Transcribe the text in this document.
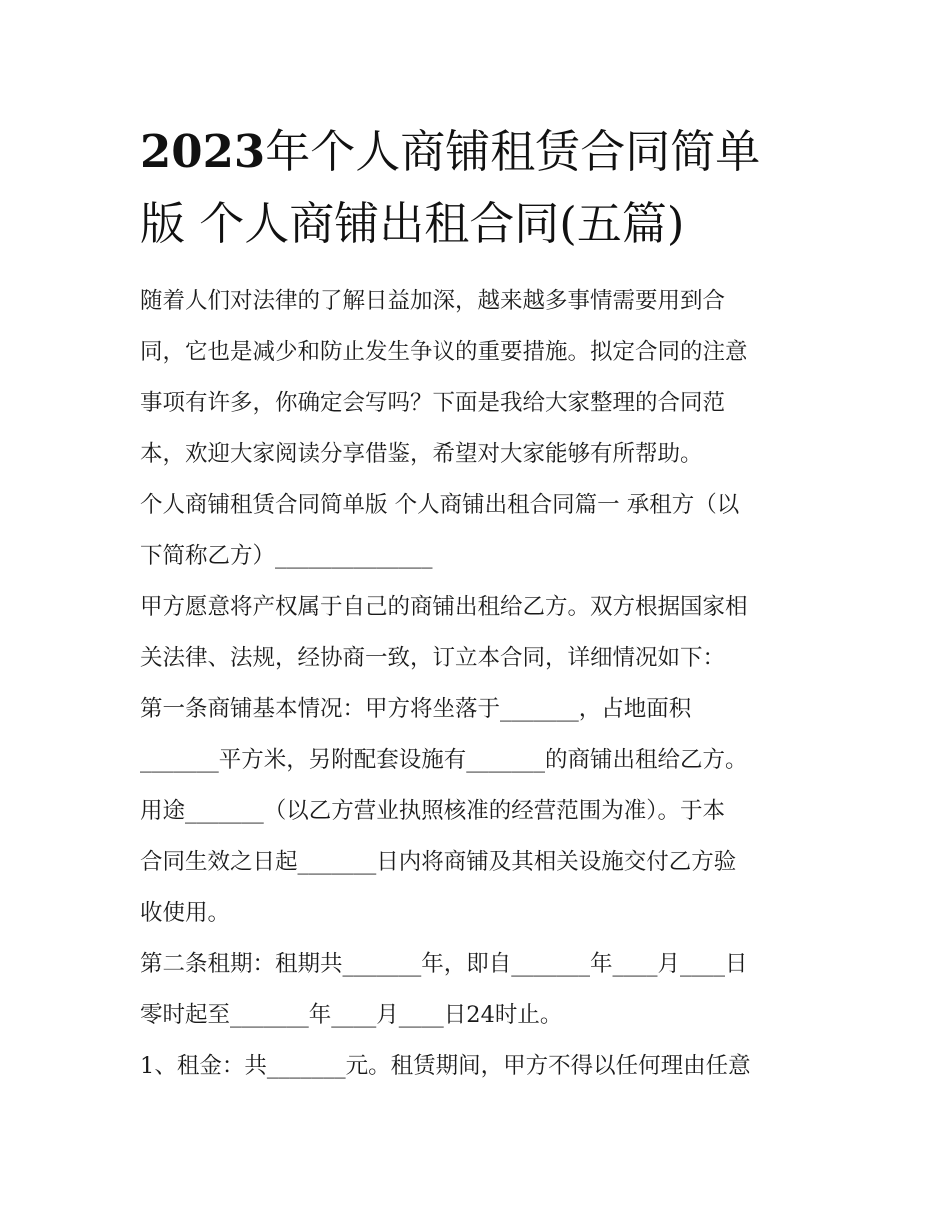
2023年个人商铺租赁合同简单
版 个人商铺出租合同(五篇)
随着人们对法律的了解日益加深，越来越多事情需要用到合
同，它也是减少和防止发生争议的重要措施。拟定合同的注意
事项有许多，你确定会写吗？下面是我给大家整理的合同范
本，欢迎大家阅读分享借鉴，希望对大家能够有所帮助。
个人商铺租赁合同简单版 个人商铺出租合同篇一 承租方（以
下简称乙方）______________
甲方愿意将产权属于自己的商铺出租给乙方。双方根据国家相
关法律、法规，经协商一致，订立本合同，详细情况如下：
第一条商铺基本情况：甲方将坐落于_______，占地面积
_______平方米，另附配套设施有_______的商铺出租给乙方。
用途_______（以乙方营业执照核准的经营范围为准）。于本
合同生效之日起_______日内将商铺及其相关设施交付乙方验
收使用。
第二条租期：租期共_______年，即自_______年____月____日
零时起至_______年____月____日24时止。
1、租金：共_______元。租赁期间，甲方不得以任何理由任意
